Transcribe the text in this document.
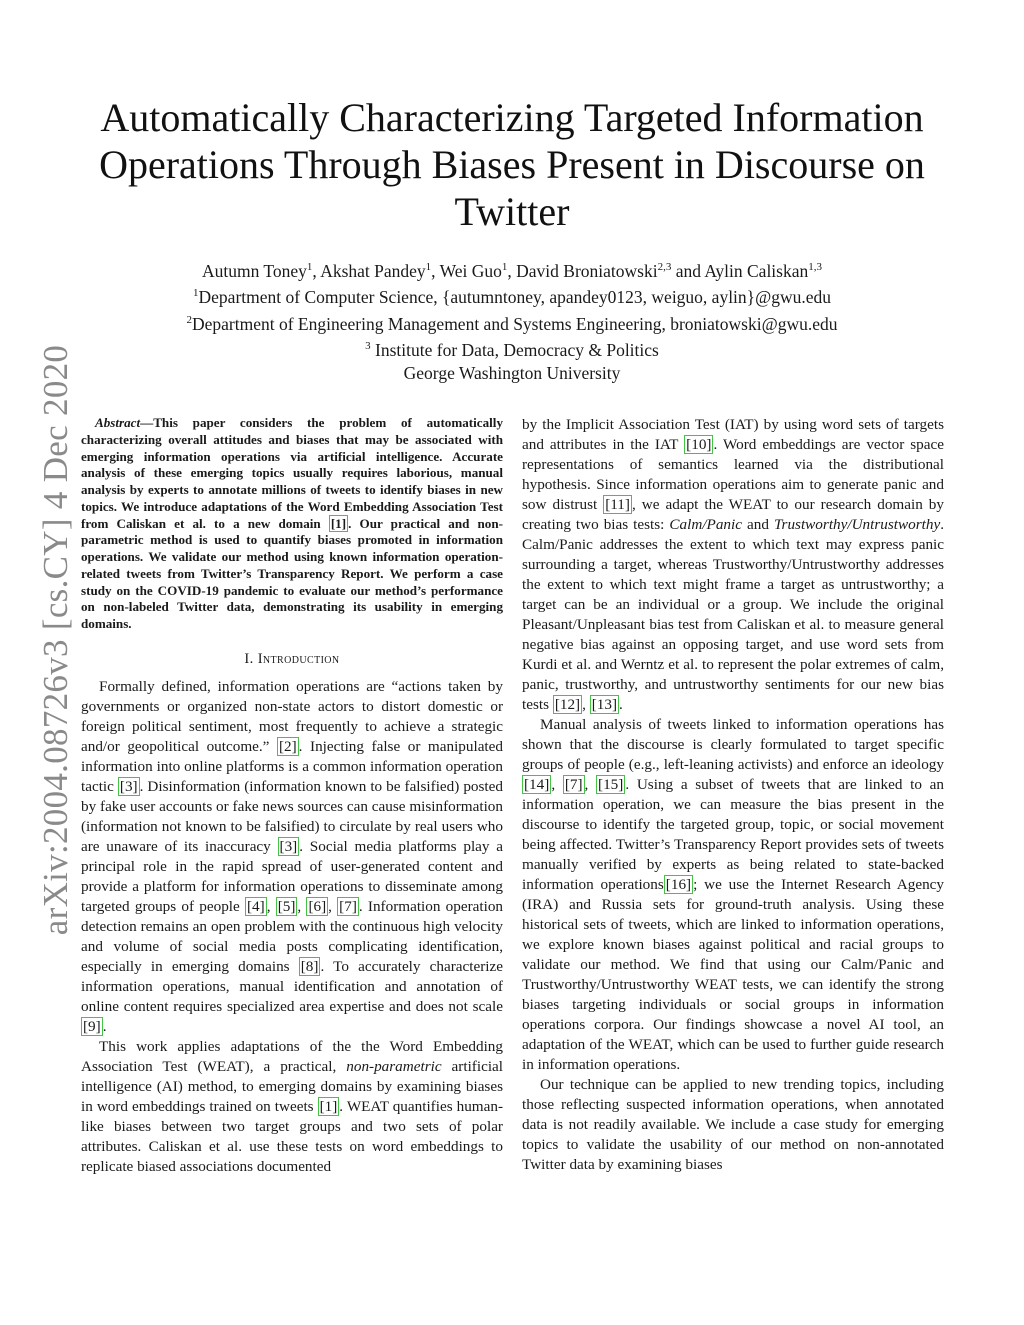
arXiv:2004.08726v3 [cs.CY] 4 Dec 2020
Automatically Characterizing Targeted Information
Operations Through Biases Present in Discourse on
Twitter
Autumn Toney$^1$, Akshat Pandey$^1$, Wei Guo$^1$, David Broniatowski$^{2,3}$ and Aylin Caliskan$^{1,3}$
$^1$Department of Computer Science, {autumntoney, apandey0123, weiguo, aylin}@gwu.edu
$^2$Department of Engineering Management and Systems Engineering, broniatowski@gwu.edu
$^3$ Institute for Data, Democracy & Politics
George Washington University

Abstract—This paper considers the problem of automatically characterizing overall attitudes and biases that may be associated with emerging information operations via artificial intelligence. Accurate analysis of these emerging topics usually requires laborious, manual analysis by experts to annotate millions of tweets to identify biases in new topics. We introduce adaptations of the Word Embedding Association Test from Caliskan et al. to a new domain [1] . Our practical and non-parametric method is used to quantify biases promoted in information operations. We validate our method using known information operation-related tweets from Twitter’s Transparency Report. We perform a case study on the COVID-19 pandemic to evaluate our method’s performance on non-labeled Twitter data, demonstrating its usability in emerging domains.

I. Introduction

Formally defined, information operations are “actions taken by governments or organized non-state actors to distort domestic or foreign political sentiment, most frequently to achieve a strategic and/or geopolitical outcome.” [2] . Injecting false or manipulated information into online platforms is a common information operation tactic [3] . Disinformation (information known to be falsified) posted by fake user accounts or fake news sources can cause misinformation (information not known to be falsified) to circulate by real users who are unaware of its inaccuracy [3] . Social media platforms play a principal role in the rapid spread of user-generated content and provide a platform for information operations to disseminate among targeted groups of people [4] , [5] , [6] , [7] . Information operation detection remains an open problem with the continuous high velocity and volume of social media posts complicating identification, especially in emerging domains [8] . To accurately characterize information operations, manual identification and annotation of online content requires specialized area expertise and does not scale [9] .

This work applies adaptations of the the Word Embedding Association Test (WEAT), a practical, non-parametric artificial intelligence (AI) method, to emerging domains by examining biases in word embeddings trained on tweets [1] . WEAT quantifies human-like biases between two target groups and two sets of polar attributes. Caliskan et al. use these tests on word embeddings to replicate biased associations documented

by the Implicit Association Test (IAT) by using word sets of targets and attributes in the IAT [10] . Word embeddings are vector space representations of semantics learned via the distributional hypothesis. Since information operations aim to generate panic and sow distrust [11] , we adapt the WEAT to our research domain by creating two bias tests: Calm/Panic and Trustworthy/Untrustworthy. Calm/Panic addresses the extent to which text may express panic surrounding a target, whereas Trustworthy/Untrustworthy addresses the extent to which text might frame a target as untrustworthy; a target can be an individual or a group. We include the original Pleasant/Unpleasant bias test from Caliskan et al. to measure general negative bias against an opposing target, and use word sets from Kurdi et al. and Werntz et al. to represent the polar extremes of calm, panic, trustworthy, and untrustworthy sentiments for our new bias tests [12] , [13] .

Manual analysis of tweets linked to information operations has shown that the discourse is clearly formulated to target specific groups of people (e.g., left-leaning activists) and enforce an ideology [14] , [7] , [15] . Using a subset of tweets that are linked to an information operation, we can measure the bias present in the discourse to identify the targeted group, topic, or social movement being affected. Twitter’s Transparency Report provides sets of tweets manually verified by experts as being related to state-backed information operations [16] ; we use the Internet Research Agency (IRA) and Russia sets for ground-truth analysis. Using these historical sets of tweets, which are linked to information operations, we explore known biases against political and racial groups to validate our method. We find that using our Calm/Panic and Trustworthy/Untrustworthy WEAT tests, we can identify the strong biases targeting individuals or social groups in information operations corpora. Our findings showcase a novel AI tool, an adaptation of the WEAT, which can be used to further guide research in information operations.

Our technique can be applied to new trending topics, including those reflecting suspected information operations, when annotated data is not readily available. We include a case study for emerging topics to validate the usability of our method on non-annotated Twitter data by examining biases
